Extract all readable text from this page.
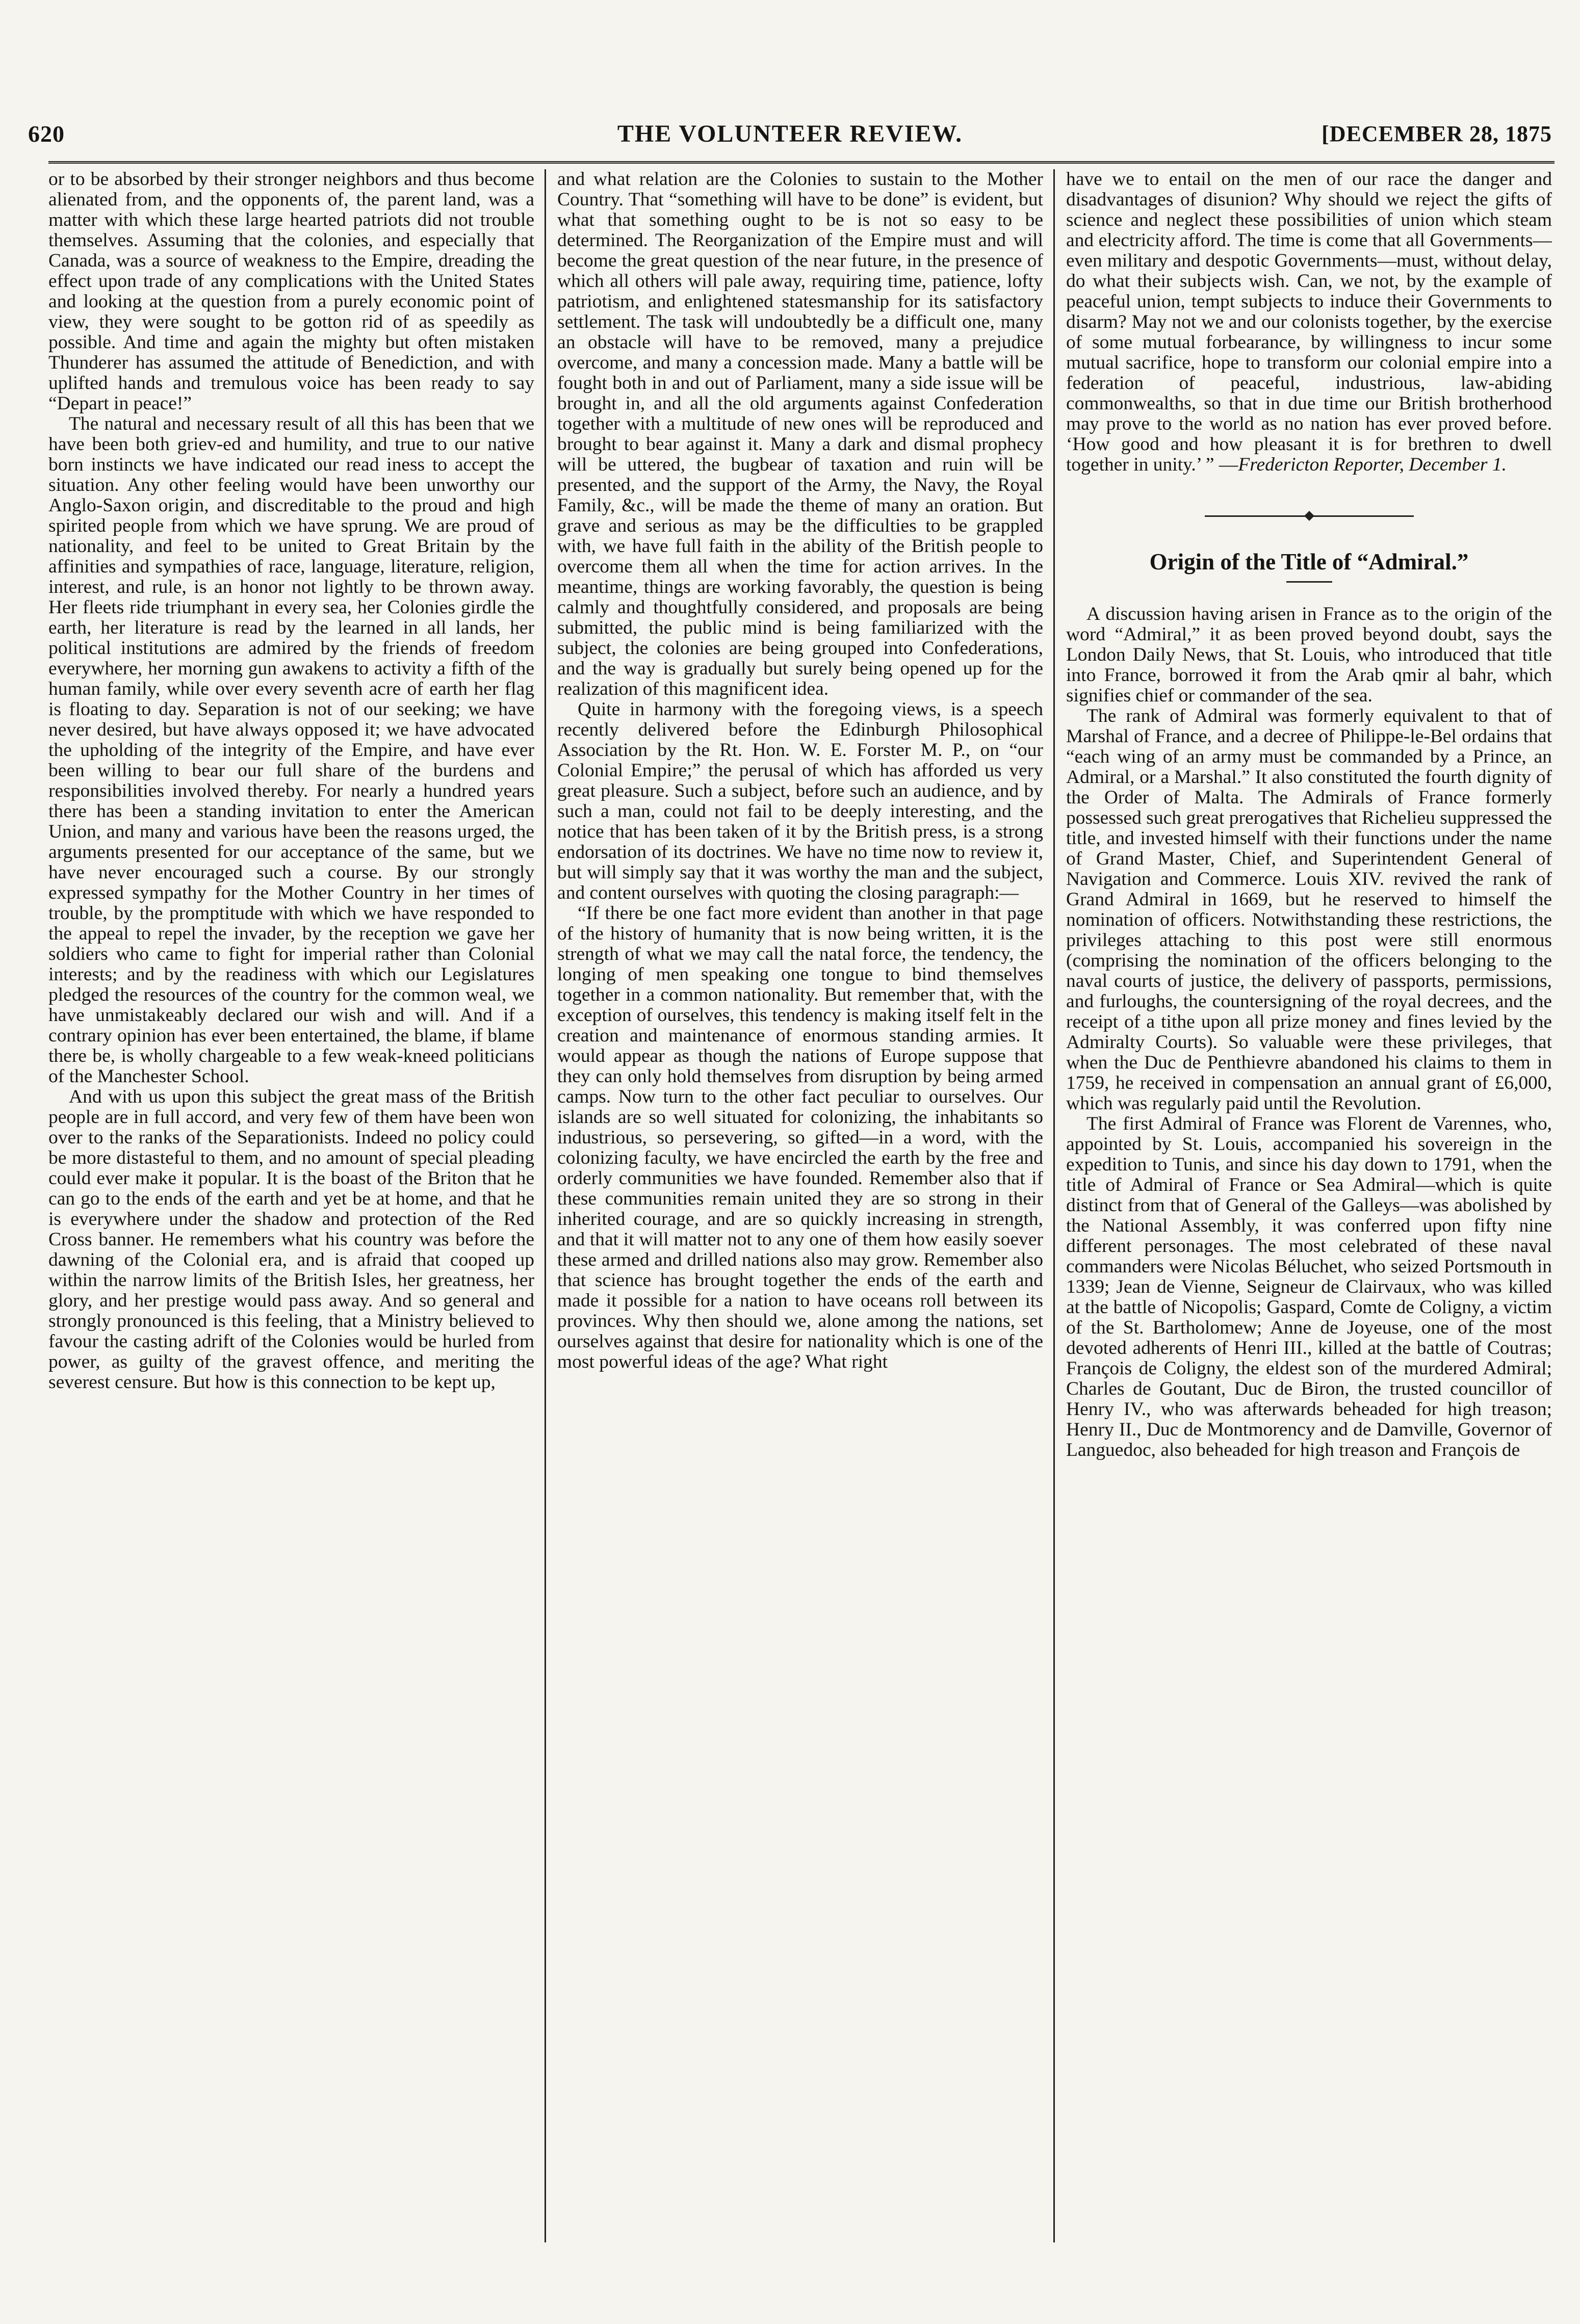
620	THE VOLUNTEER REVIEW.	[DECEMBER 28, 1875

or to be absorbed by their stronger neighbors and thus become alienated from, and the opponents of, the parent land, was a matter with which these large hearted patriots did not trouble themselves. Assuming that the colonies, and especially that Canada, was a source of weakness to the Empire, dreading the effect upon trade of any complications with the United States and looking at the question from a purely economic point of view, they were sought to be gotton rid of as speedily as possible. And time and again the mighty but often mistaken Thunderer has assumed the attitude of Benediction, and with uplifted hands and tremulous voice has been ready to say “Depart in peace!”

The natural and necessary result of all this has been that we have been both griev-ed and humility, and true to our native born instincts we have indicated our read iness to accept the situation. Any other feeling would have been unworthy our Anglo-Saxon origin, and discreditable to the proud and high spirited people from which we have sprung. We are proud of nationality, and feel to be united to Great Britain by the affinities and sympathies of race, language, literature, religion, interest, and rule, is an honor not lightly to be thrown away. Her fleets ride triumphant in every sea, her Colonies girdle the earth, her literature is read by the learned in all lands, her political institutions are admired by the friends of freedom everywhere, her morning gun awakens to activity a fifth of the human family, while over every seventh acre of earth her flag is floating to day. Separation is not of our seeking; we have never desired, but have always opposed it; we have advocated the upholding of the integrity of the Empire, and have ever been willing to bear our full share of the burdens and responsibilities involved thereby. For nearly a hundred years there has been a standing invitation to enter the American Union, and many and various have been the reasons urged, the arguments presented for our acceptance of the same, but we have never encouraged such a course. By our strongly expressed sympathy for the Mother Country in her times of trouble, by the promptitude with which we have responded to the appeal to repel the invader, by the reception we gave her soldiers who came to fight for imperial rather than Colonial interests; and by the readiness with which our Legislatures pledged the resources of the country for the common weal, we have unmistakeably declared our wish and will. And if a contrary opinion has ever been entertained, the blame, if blame there be, is wholly chargeable to a few weak-kneed politicians of the Manchester School.

And with us upon this subject the great mass of the British people are in full accord, and very few of them have been won over to the ranks of the Separationists. Indeed no policy could be more distasteful to them, and no amount of special pleading could ever make it popular. It is the boast of the Briton that he can go to the ends of the earth and yet be at home, and that he is everywhere under the shadow and protection of the Red Cross banner. He remembers what his country was before the dawning of the Colonial era, and is afraid that cooped up within the narrow limits of the British Isles, her greatness, her glory, and her prestige would pass away. And so general and strongly pronounced is this feeling, that a Ministry believed to favour the casting adrift of the Colonies would be hurled from power, as guilty of the gravest offence, and meriting the severest censure. But how is this connection to be kept up,

and what relation are the Colonies to sustain to the Mother Country. That “something will have to be done” is evident, but what that something ought to be is not so easy to be determined. The Reorganization of the Empire must and will become the great question of the near future, in the presence of which all others will pale away, requiring time, patience, lofty patriotism, and enlightened statesmanship for its satisfactory settlement. The task will undoubtedly be a difficult one, many an obstacle will have to be removed, many a prejudice overcome, and many a concession made. Many a battle will be fought both in and out of Parliament, many a side issue will be brought in, and all the old arguments against Confederation together with a multitude of new ones will be reproduced and brought to bear against it. Many a dark and dismal prophecy will be uttered, the bugbear of taxation and ruin will be presented, and the support of the Army, the Navy, the Royal Family, &c., will be made the theme of many an oration. But grave and serious as may be the difficulties to be grappled with, we have full faith in the ability of the British people to overcome them all when the time for action arrives. In the meantime, things are working favorably, the question is being calmly and thoughtfully considered, and proposals are being submitted, the public mind is being familiarized with the subject, the colonies are being grouped into Confederations, and the way is gradually but surely being opened up for the realization of this magnificent idea.

Quite in harmony with the foregoing views, is a speech recently delivered before the Edinburgh Philosophical Association by the Rt. Hon. W. E. Forster M. P., on “our Colonial Empire;” the perusal of which has afforded us very great pleasure. Such a subject, before such an audience, and by such a man, could not fail to be deeply interesting, and the notice that has been taken of it by the British press, is a strong endorsation of its doctrines. We have no time now to review it, but will simply say that it was worthy the man and the subject, and content ourselves with quoting the closing paragraph:—

“If there be one fact more evident than another in that page of the history of humanity that is now being written, it is the strength of what we may call the natal force, the tendency, the longing of men speaking one tongue to bind themselves together in a common nationality. But remember that, with the exception of ourselves, this tendency is making itself felt in the creation and maintenance of enormous standing armies. It would appear as though the nations of Europe suppose that they can only hold themselves from disruption by being armed camps. Now turn to the other fact peculiar to ourselves. Our islands are so well situated for colonizing, the inhabitants so industrious, so persevering, so gifted—in a word, with the colonizing faculty, we have encircled the earth by the free and orderly communities we have founded. Remember also that if these communities remain united they are so strong in their inherited courage, and are so quickly increasing in strength, and that it will matter not to any one of them how easily soever these armed and drilled nations also may grow. Remember also that science has brought together the ends of the earth and made it possible for a nation to have oceans roll between its provinces. Why then should we, alone among the nations, set ourselves against that desire for nationality which is one of the most powerful ideas of the age? What right

have we to entail on the men of our race the danger and disadvantages of disunion? Why should we reject the gifts of science and neglect these possibilities of union which steam and electricity afford. The time is come that all Governments—even military and despotic Governments—must, without delay, do what their subjects wish. Can, we not, by the example of peaceful union, tempt subjects to induce their Governments to disarm? May not we and our colonists together, by the exercise of some mutual forbearance, by willingness to incur some mutual sacrifice, hope to transform our colonial empire into a federation of peaceful, industrious, law-abiding commonwealths, so that in due time our British brotherhood may prove to the world as no nation has ever proved before. ‘How good and how pleasant it is for brethren to dwell together in unity.’ ” —Fredericton Reporter, December 1.

Origin of the Title of “Admiral.”

A discussion having arisen in France as to the origin of the word “Admiral,” it as been proved beyond doubt, says the London Daily News, that St. Louis, who introduced that title into France, borrowed it from the Arab qmir al bahr, which signifies chief or commander of the sea.

The rank of Admiral was formerly equivalent to that of Marshal of France, and a decree of Philippe-le-Bel ordains that “each wing of an army must be commanded by a Prince, an Admiral, or a Marshal.” It also constituted the fourth dignity of the Order of Malta. The Admirals of France formerly possessed such great prerogatives that Richelieu suppressed the title, and invested himself with their functions under the name of Grand Master, Chief, and Superintendent General of Navigation and Commerce. Louis XIV. revived the rank of Grand Admiral in 1669, but he reserved to himself the nomination of officers. Notwithstanding these restrictions, the privileges attaching to this post were still enormous (comprising the nomination of the officers belonging to the naval courts of justice, the delivery of passports, permissions, and furloughs, the countersigning of the royal decrees, and the receipt of a tithe upon all prize money and fines levied by the Admiralty Courts). So valuable were these privileges, that when the Duc de Penthievre abandoned his claims to them in 1759, he received in compensation an annual grant of £6,000, which was regularly paid until the Revolution.

The first Admiral of France was Florent de Varennes, who, appointed by St. Louis, accompanied his sovereign in the expedition to Tunis, and since his day down to 1791, when the title of Admiral of France or Sea Admiral—which is quite distinct from that of General of the Galleys—was abolished by the National Assembly, it was conferred upon fifty nine different personages. The most celebrated of these naval commanders were Nicolas Béluchet, who seized Portsmouth in 1339; Jean de Vienne, Seigneur de Clairvaux, who was killed at the battle of Nicopolis; Gaspard, Comte de Coligny, a victim of the St. Bartholomew; Anne de Joyeuse, one of the most devoted adherents of Henri III., killed at the battle of Coutras; François de Coligny, the eldest son of the murdered Admiral; Charles de Goutant, Duc de Biron, the trusted councillor of Henry IV., who was afterwards beheaded for high treason; Henry II., Duc de Montmorency and de Damville, Governor of Languedoc, also beheaded for high treason and François de
